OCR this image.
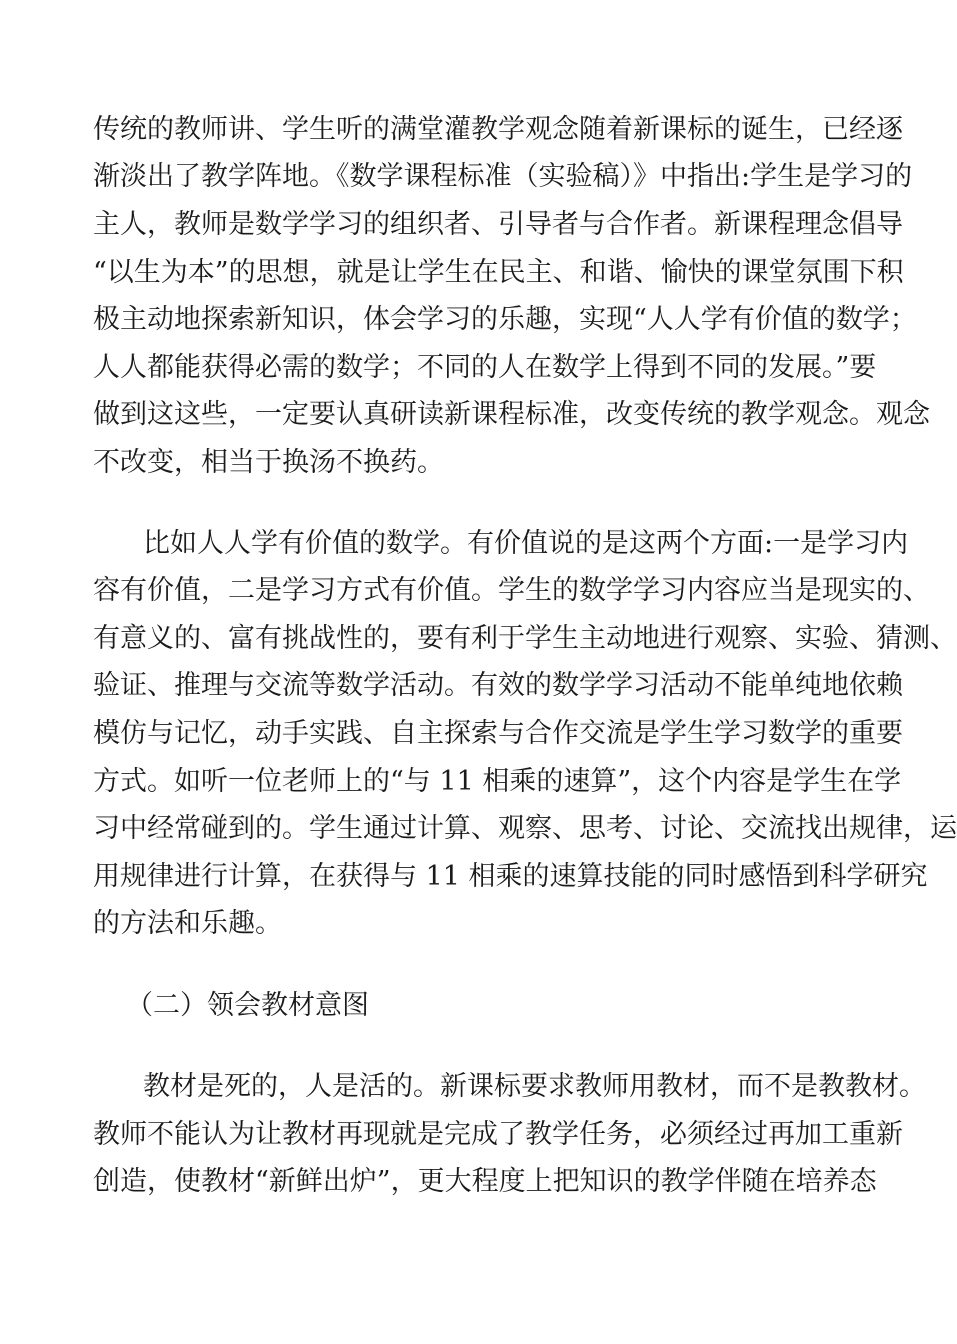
传统的教师讲、学生听的满堂灌教学观念随着新课标的诞生，已经逐
渐淡出了教学阵地。《数学课程标准（实验稿）》中指出:学生是学习的
主人，教师是数学学习的组织者、引导者与合作者。新课程理念倡导
“以生为本”的思想，就是让学生在民主、和谐、愉快的课堂氛围下积
极主动地探索新知识，体会学习的乐趣，实现“人人学有价值的数学；
人人都能获得必需的数学；不同的人在数学上得到不同的发展。”要
做到这这些，一定要认真研读新课程标准，改变传统的教学观念。观念
不改变，相当于换汤不换药。
比如人人学有价值的数学。有价值说的是这两个方面:一是学习内
容有价值，二是学习方式有价值。学生的数学学习内容应当是现实的、
有意义的、富有挑战性的，要有利于学生主动地进行观察、实验、猜测、
验证、推理与交流等数学活动。有效的数学学习活动不能单纯地依赖
模仿与记忆，动手实践、自主探索与合作交流是学生学习数学的重要
方式。如听一位老师上的“与 11 相乘的速算”，这个内容是学生在学
习中经常碰到的。学生通过计算、观察、思考、讨论、交流找出规律，运
用规律进行计算，在获得与 11 相乘的速算技能的同时感悟到科学研究
的方法和乐趣。
（二）领会教材意图
教材是死的，人是活的。新课标要求教师用教材，而不是教教材。
教师不能认为让教材再现就是完成了教学任务，必须经过再加工重新
创造，使教材“新鲜出炉”，更大程度上把知识的教学伴随在培养态
